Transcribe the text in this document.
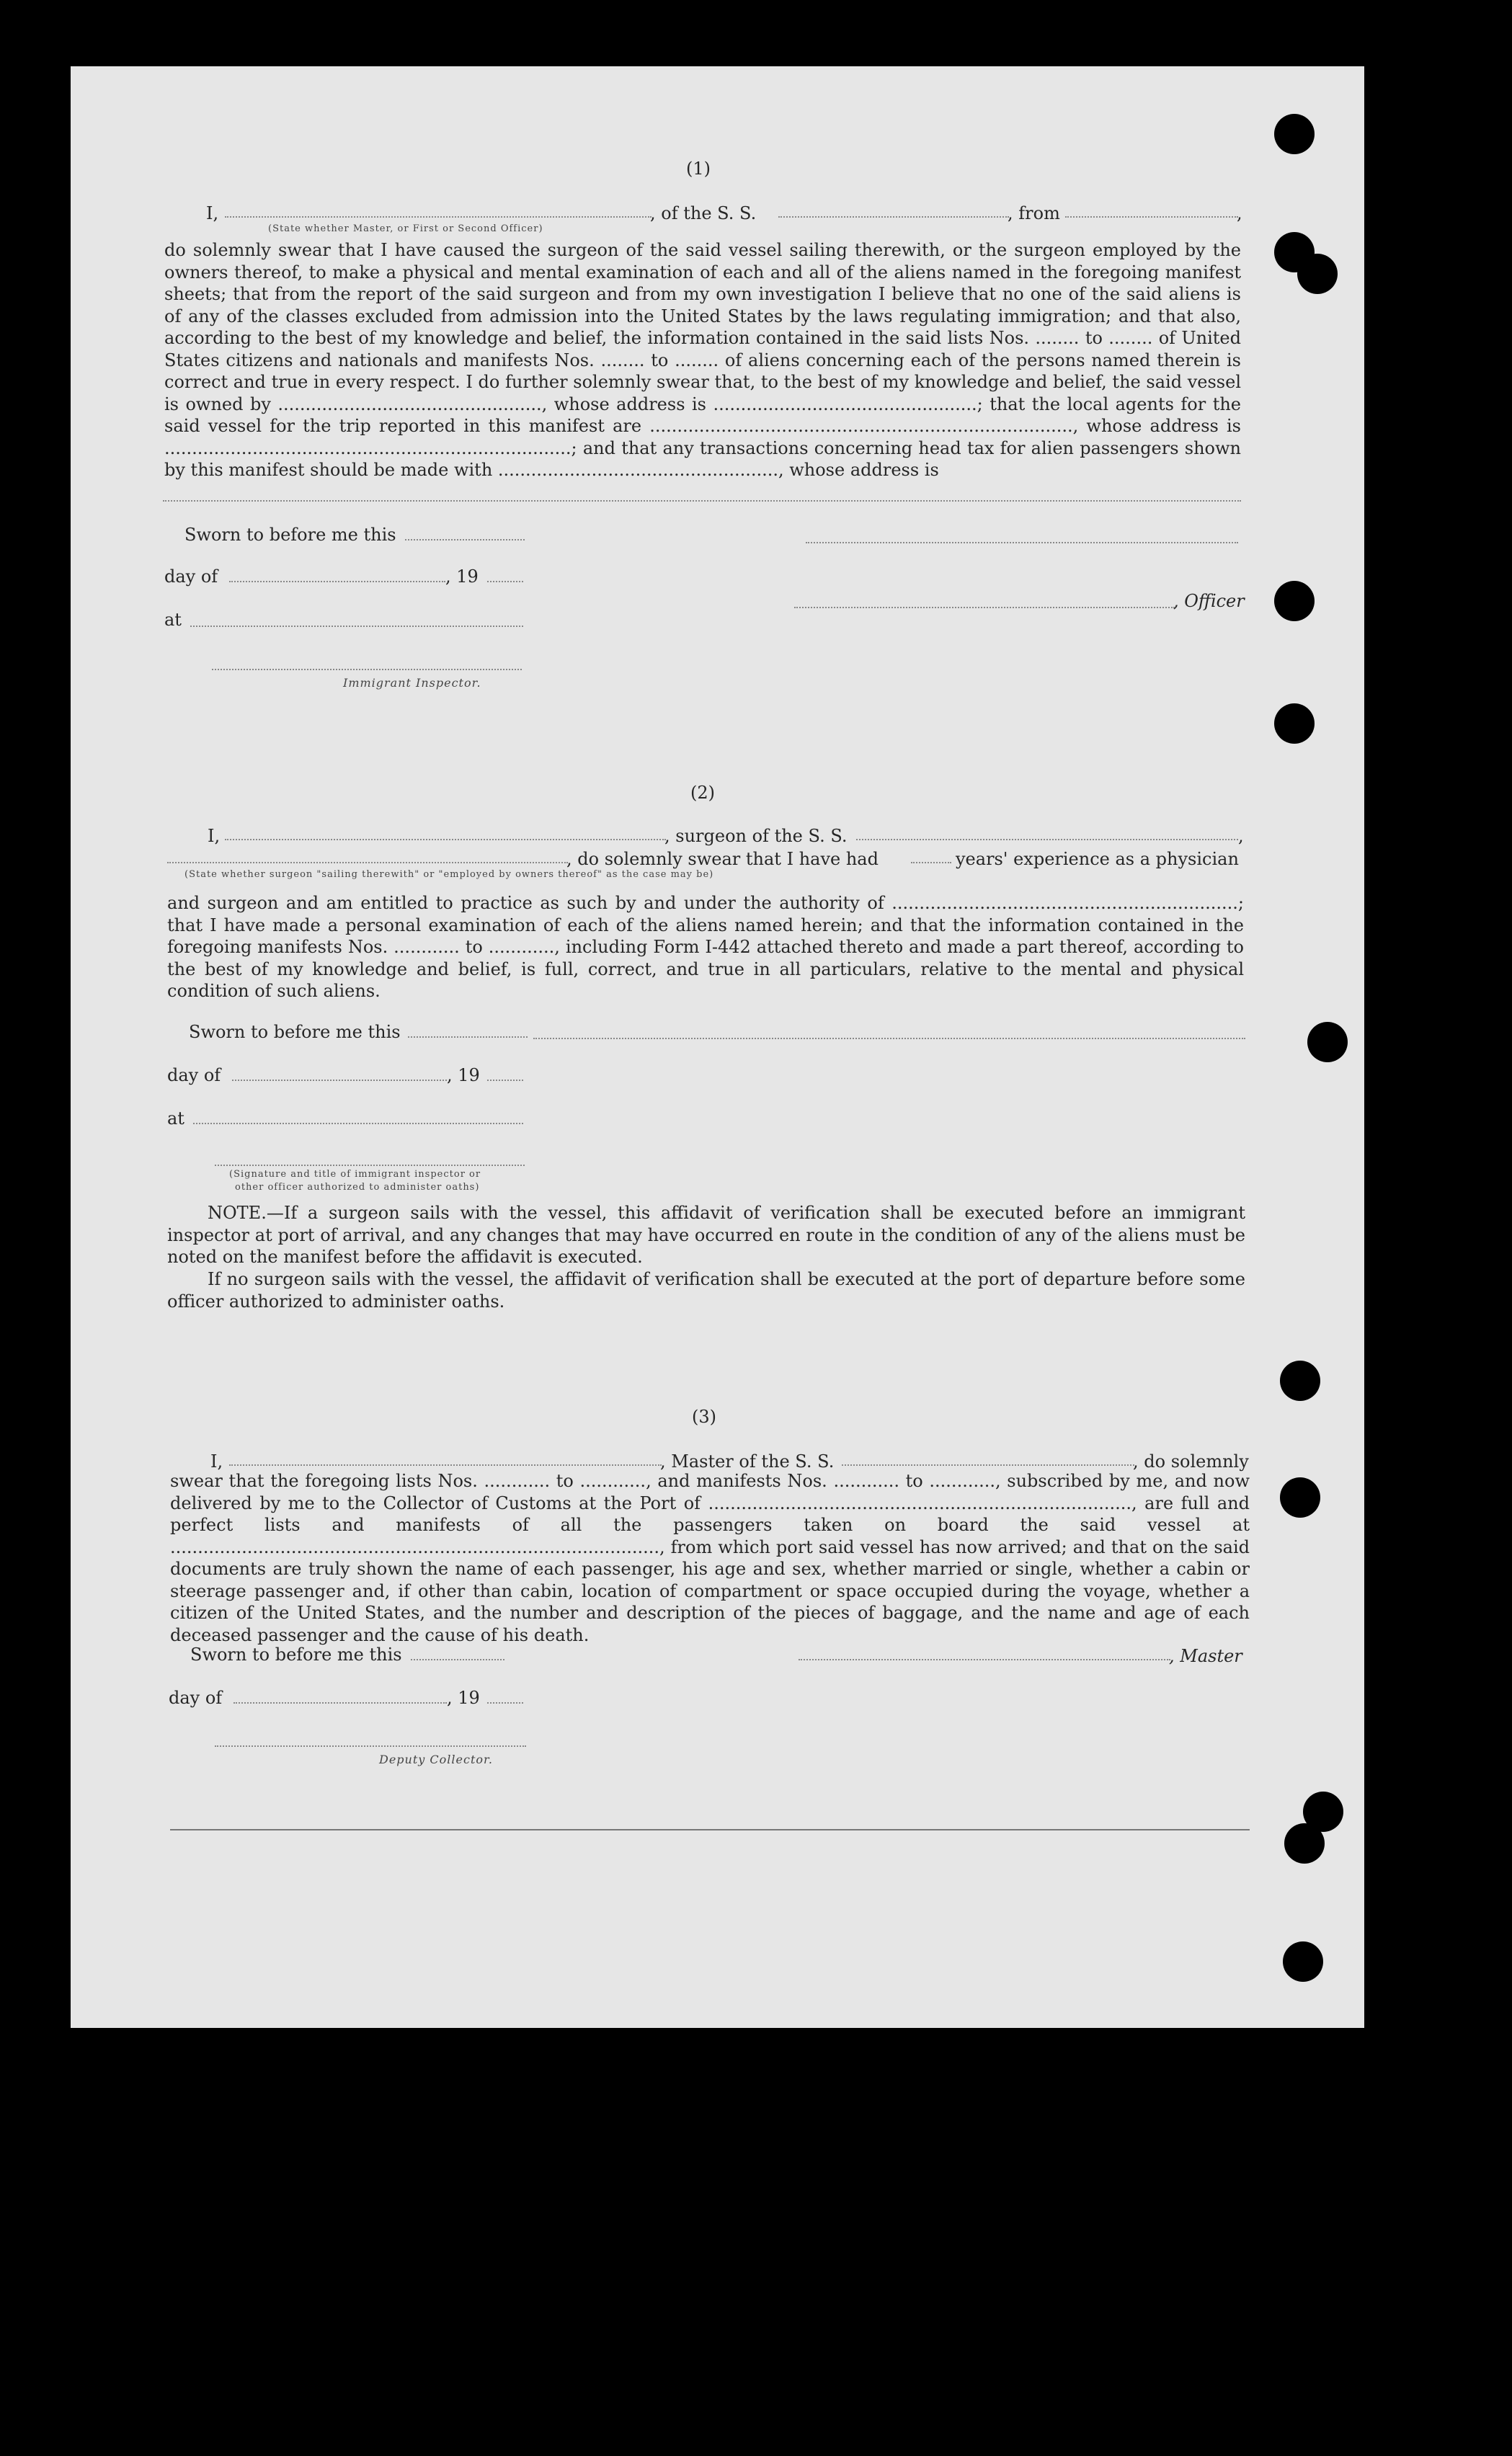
(1)
I,	, of the S. S.	, from	,
(State whether Master, or First or Second Officer)
do solemnly swear that I have caused the surgeon of the said vessel sailing therewith, or the surgeon employed by the owners thereof, to make a physical and mental examination of each and all of the aliens named in the foregoing manifest sheets; that from the report of the said surgeon and from my own investigation I believe that no one of the said aliens is of any of the classes excluded from admission into the United States by the laws regulating immigration; and that also, according to the best of my knowledge and belief, the information contained in the said lists Nos. ........ to ........ of United States citizens and nationals and manifests Nos. ........ to ........ of aliens concerning each of the persons named therein is correct and true in every respect. I do further solemnly swear that, to the best of my knowledge and belief, the said vessel is owned by ................................................, whose address is ................................................; that the local agents for the said vessel for the trip reported in this manifest are ............................................................................., whose address is ..........................................................................; and that any transactions concerning head tax for alien passengers shown by this manifest should be made with ..................................................., whose address is
Sworn to before me this
day of	, 19
, Officer
at
Immigrant Inspector.
(2)
I,	, surgeon of the S. S.	,
, do solemnly swear that I have had	years' experience as a physician
(State whether surgeon "sailing therewith" or "employed by owners thereof" as the case may be)
and surgeon and am entitled to practice as such by and under the authority of ...............................................................; that I have made a personal examination of each of the aliens named herein; and that the information contained in the foregoing manifests Nos. ............ to ............, including Form I-442 attached thereto and made a part thereof, according to the best of my knowledge and belief, is full, correct, and true in all particulars, relative to the mental and physical condition of such aliens.
Sworn to before me this
day of	, 19
at
(Signature and title of immigrant inspector or
other officer authorized to administer oaths)
NOTE.—If a surgeon sails with the vessel, this affidavit of verification shall be executed before an immigrant inspector at port of arrival, and any changes that may have occurred en route in the condition of any of the aliens must be noted on the manifest before the affidavit is executed.
If no surgeon sails with the vessel, the affidavit of verification shall be executed at the port of departure before some officer authorized to administer oaths.
(3)
I,	, Master of the S. S.	, do solemnly
swear that the foregoing lists Nos. ............ to ............, and manifests Nos. ............ to ............, subscribed by me, and now delivered by me to the Collector of Customs at the Port of ............................................................................., are full and perfect lists and manifests of all the passengers taken on board the said vessel at ........................................................................................., from which port said vessel has now arrived; and that on the said documents are truly shown the name of each passenger, his age and sex, whether married or single, whether a cabin or steerage passenger and, if other than cabin, location of compartment or space occupied during the voyage, whether a citizen of the United States, and the number and description of the pieces of baggage, and the name and age of each deceased passenger and the cause of his death.
Sworn to before me this	, Master
day of	, 19
Deputy Collector.
